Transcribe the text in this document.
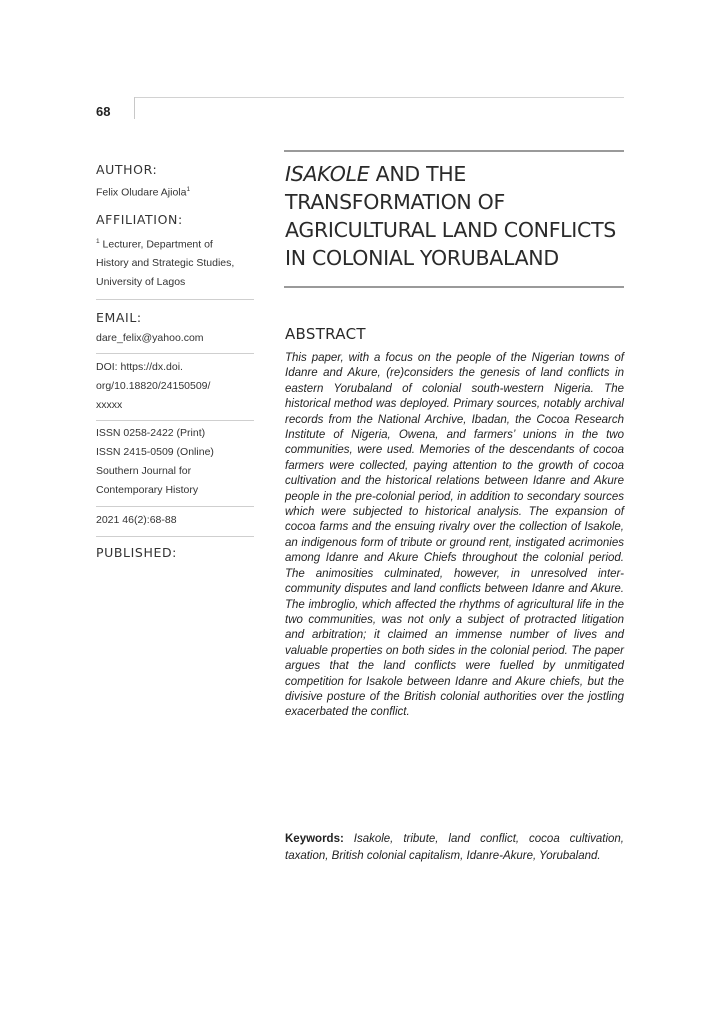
68

AUTHOR:

Felix Oludare Ajiola$^1$

AFFILIATION:

$^1$ Lecturer, Department of

History and Strategic Studies,

University of Lagos

EMAIL:

dare_felix@yahoo.com

DOI: https://dx.doi.

org/10.18820/24150509/

xxxxx

ISSN 0258-2422 (Print)

ISSN 2415-0509 (Online)

Southern Journal for

Contemporary History

2021 46(2):68-88

PUBLISHED:

ISAKOLE AND THE
TRANSFORMATION OF
AGRICULTURAL LAND CONFLICTS
IN COLONIAL YORUBALAND
ABSTRACT

This paper, with a focus on the people of the Nigerian towns of Idanre and Akure, (re)considers the genesis of land conflicts in eastern Yorubaland of colonial south-western Nigeria. The historical method was deployed. Primary sources, notably archival records from the National Archive, Ibadan, the Cocoa Research Institute of Nigeria, Owena, and farmers’ unions in the two communities, were used. Memories of the descendants of cocoa farmers were collected, paying attention to the growth of cocoa cultivation and the historical relations between Idanre and Akure people in the pre-colonial period, in addition to secondary sources which were subjected to historical analysis. The expansion of cocoa farms and the ensuing rivalry over the collection of Isakole, an indigenous form of tribute or ground rent, instigated acrimonies among Idanre and Akure Chiefs throughout the colonial period. The animosities culminated, however, in unresolved inter-community disputes and land conflicts between Idanre and Akure. The imbroglio, which affected the rhythms of agricultural life in the two communities, was not only a subject of protracted litigation and arbitration; it claimed an immense number of lives and valuable properties on both sides in the colonial period. The paper argues that the land conflicts were fuelled by unmitigated competition for Isakole between Idanre and Akure chiefs, but the divisive posture of the British colonial authorities over the jostling exacerbated the conflict.

Keywords: Isakole, tribute, land conflict, cocoa cultivation, taxation, British colonial capitalism, Idanre-Akure, Yorubaland.
